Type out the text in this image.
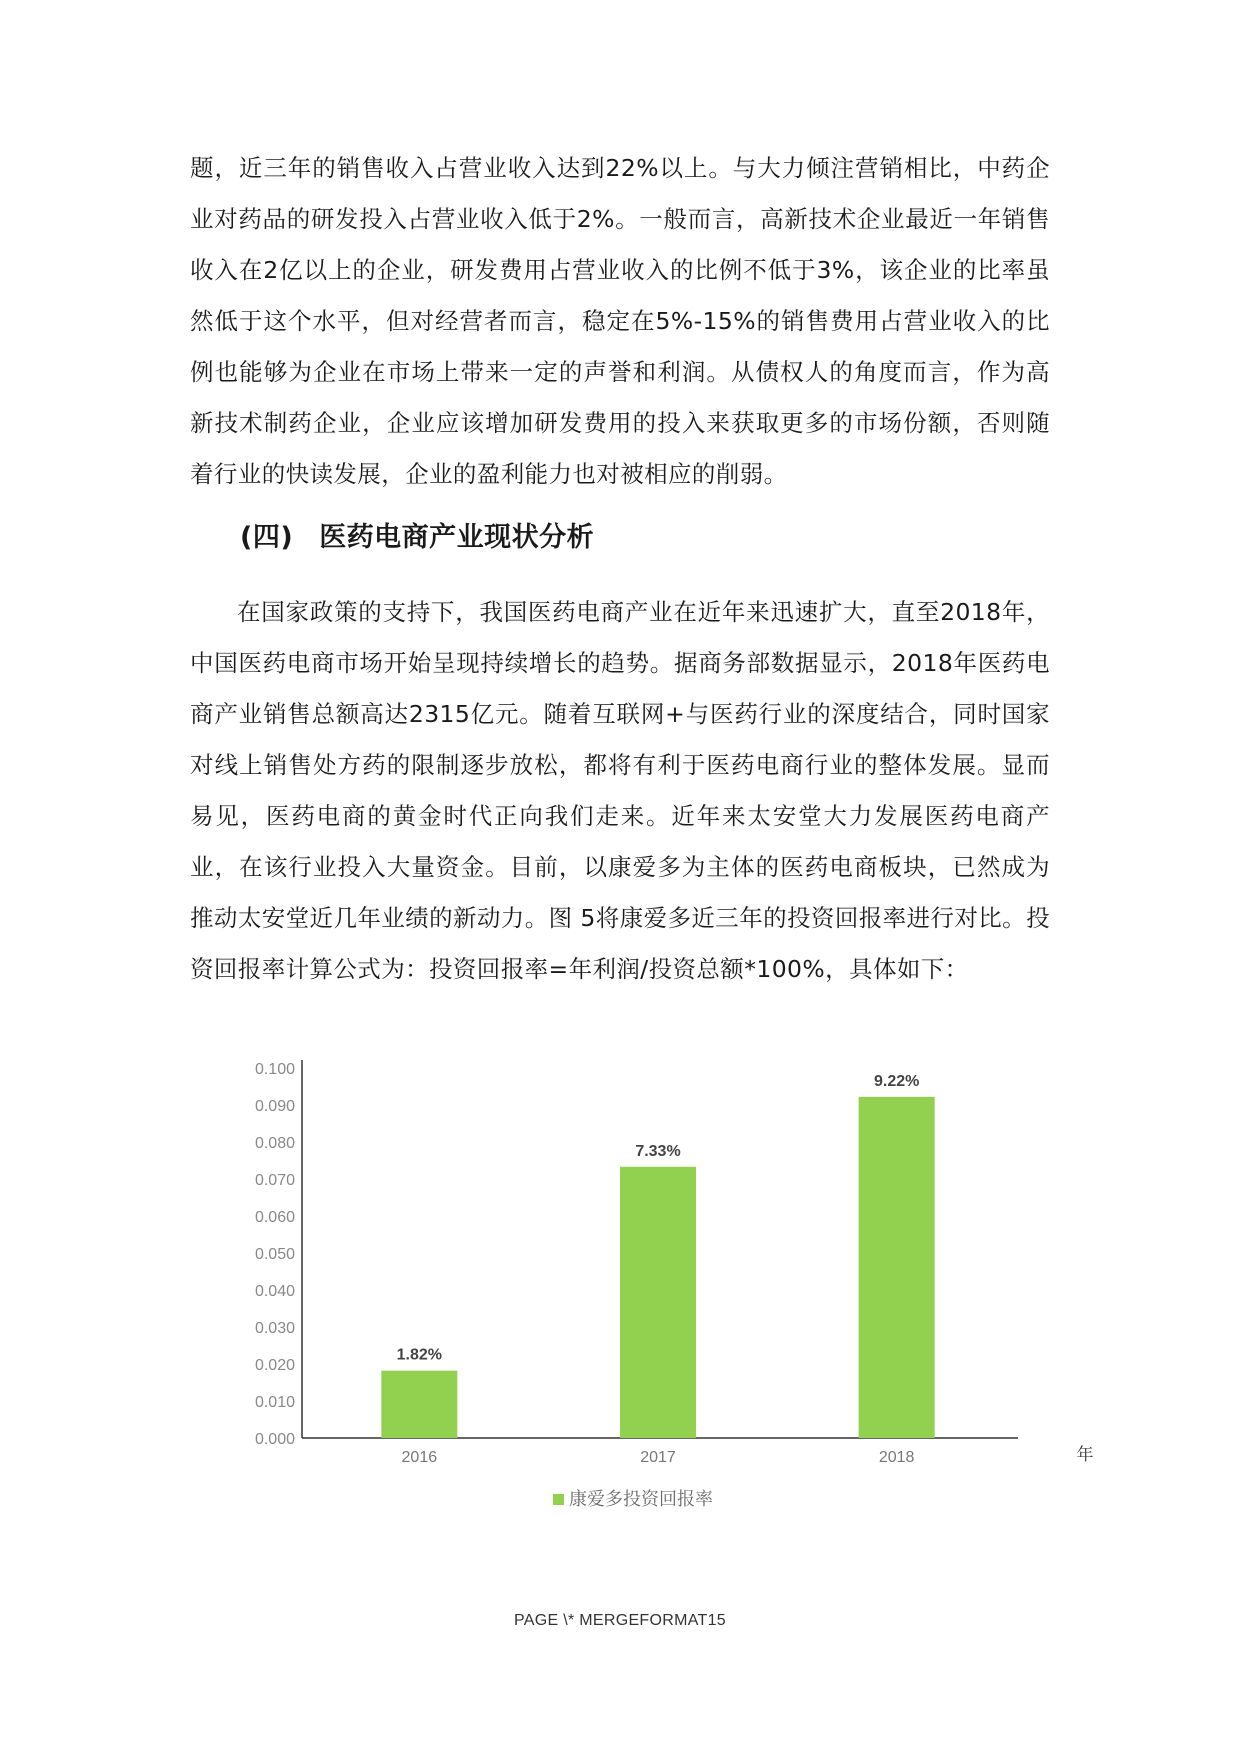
题，近三年的销售收入占营业收入达到22%以上。与大力倾注营销相比，中药企业对药品的研发投入占营业收入低于2%。一般而言，高新技术企业最近一年销售收入在2亿以上的企业，研发费用占营业收入的比例不低于3%，该企业的比率虽然低于这个水平，但对经营者而言，稳定在5%-15%的销售费用占营业收入的比例也能够为企业在市场上带来一定的声誉和利润。从债权人的角度而言，作为高新技术制药企业，企业应该增加研发费用的投入来获取更多的市场份额，否则随着行业的快读发展，企业的盈利能力也对被相应的削弱。

(四) 医药电商产业现状分析

在国家政策的支持下，我国医药电商产业在近年来迅速扩大，直至2018年，中国医药电商市场开始呈现持续增长的趋势。据商务部数据显示，2018年医药电商产业销售总额高达2315亿元。随着互联网+与医药行业的深度结合，同时国家对线上销售处方药的限制逐步放松，都将有利于医药电商行业的整体发展。显而易见，医药电商的黄金时代正向我们走来。近年来太安堂大力发展医药电商产业，在该行业投入大量资金。目前，以康爱多为主体的医药电商板块，已然成为推动太安堂近几年业绩的新动力。图 5将康爱多近三年的投资回报率进行对比。投资回报率计算公式为：投资回报率=年利润/投资总额*100%，具体如下：

0.000
0.010
0.020
0.030
0.040
0.050
0.060
0.070
0.080
0.090
0.100
1.82%
2016
7.33%
2017
9.22%
2018	年
康爱多投资回报率
PAGE \* MERGEFORMAT15
